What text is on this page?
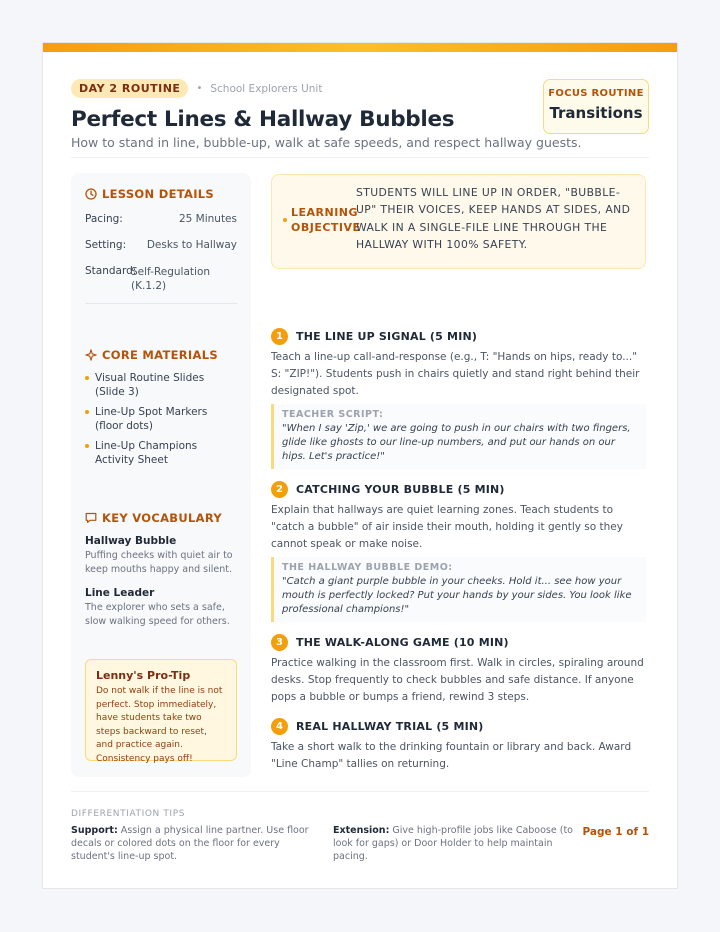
DAY 2 ROUTINE	• School Explorers Unit
Perfect Lines & Hallway Bubbles
How to stand in line, bubble-up, walk at safe speeds, and respect hallway guests.
FOCUS ROUTINE
Transitions
LESSON DETAILS
Pacing:	25 Minutes
Setting:	Desks to Hallway
Standard:
Self-Regulation (K.1.2)
CORE MATERIALS
Visual Routine Slides (Slide 3)
Line-Up Spot Markers (floor dots)
Line-Up Champions Activity Sheet
KEY VOCABULARY
Hallway Bubble
Puffing cheeks with quiet air to keep mouths happy and silent.
Line Leader
The explorer who sets a safe, slow walking speed for others.
Lenny's Pro-Tip
Do not walk if the line is not perfect. Stop immediately, have students take two steps backward to reset, and practice again. Consistency pays off!
LEARNING
OBJECTIVE
STUDENTS WILL LINE UP IN ORDER, "BUBBLE-UP" THEIR VOICES, KEEP HANDS AT SIDES, AND WALK IN A SINGLE-FILE LINE THROUGH THE HALLWAY WITH 100% SAFETY.
1	THE LINE UP SIGNAL (5 MIN)
Teach a line-up call-and-response (e.g., T: "Hands on hips, ready to..." S: "ZIP!"). Students push in chairs quietly and stand right behind their designated spot.
TEACHER SCRIPT:
"When I say 'Zip,' we are going to push in our chairs with two fingers, glide like ghosts to our line-up numbers, and put our hands on our hips. Let's practice!"
2	CATCHING YOUR BUBBLE (5 MIN)
Explain that hallways are quiet learning zones. Teach students to "catch a bubble" of air inside their mouth, holding it gently so they cannot speak or make noise.
THE HALLWAY BUBBLE DEMO:
"Catch a giant purple bubble in your cheeks. Hold it... see how your mouth is perfectly locked? Put your hands by your sides. You look like professional champions!"
3	THE WALK-ALONG GAME (10 MIN)
Practice walking in the classroom first. Walk in circles, spiraling around desks. Stop frequently to check bubbles and safe distance. If anyone pops a bubble or bumps a friend, rewind 3 steps.
4	REAL HALLWAY TRIAL (5 MIN)
Take a short walk to the drinking fountain or library and back. Award "Line Champ" tallies on returning.
DIFFERENTIATION TIPS
Support: Assign a physical line partner. Use floor decals or colored dots on the floor for every student's line-up spot.
Extension: Give high-profile jobs like Caboose (to look for gaps) or Door Holder to help maintain pacing.
Page 1 of 1
